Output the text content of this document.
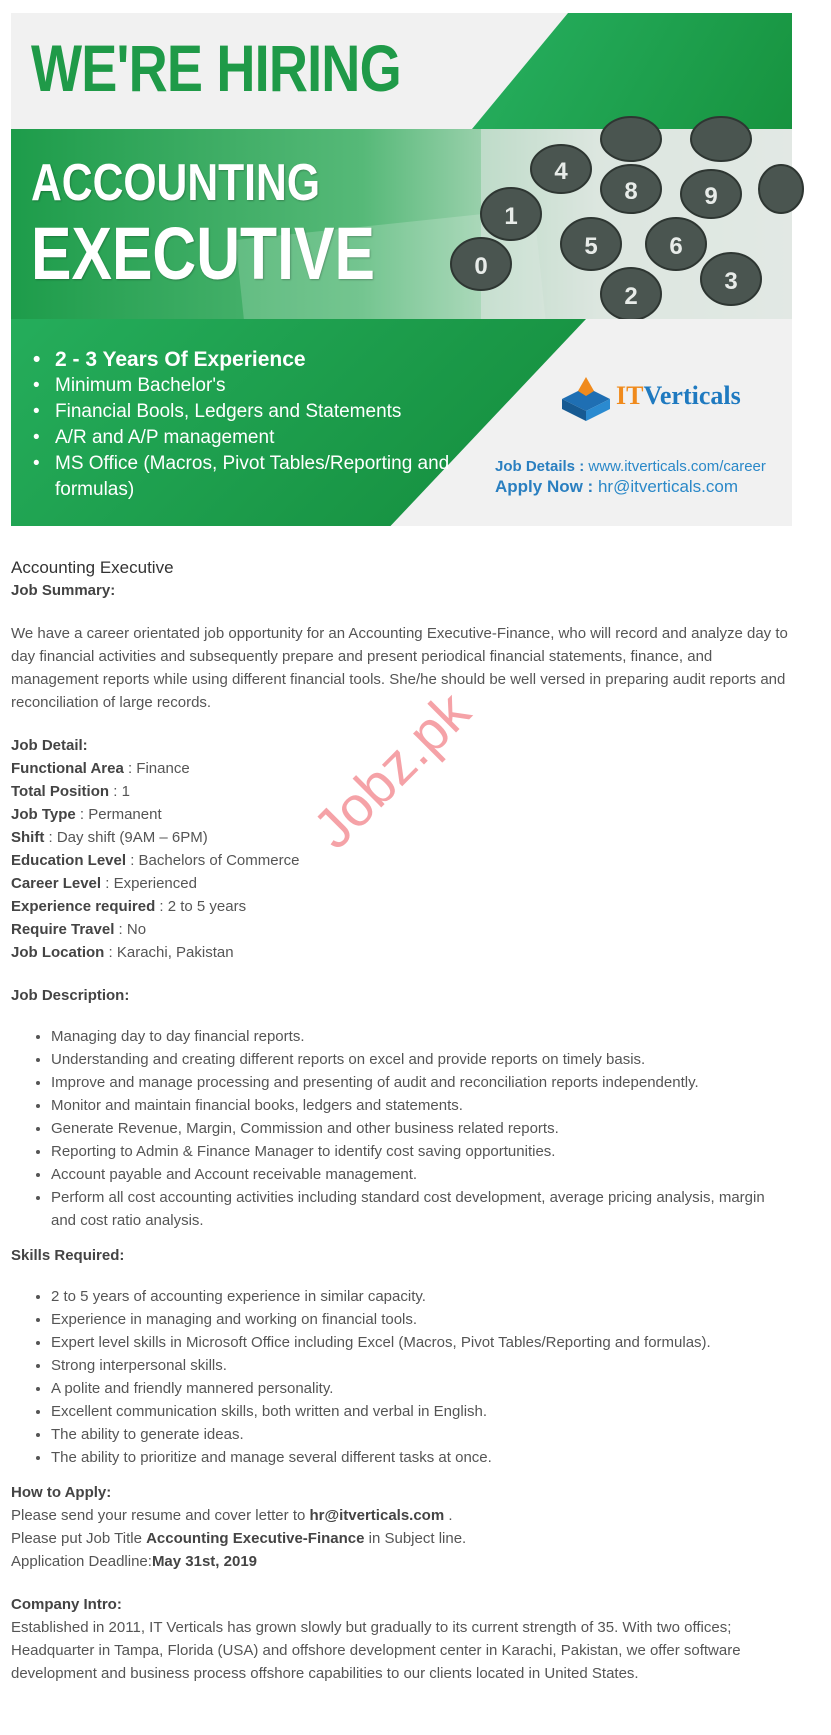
WE'RE HIRING
8
4
9
5
1
6
2
0
3
ACCOUNTING
EXECUTIVE
• 2 - 3 Years Of Experience
• Minimum Bachelor's
• Financial Bools, Ledgers and Statements
• A/R and A/P management
• MS Office (Macros, Pivot Tables/Reporting and formulas)
ITVerticals
Job Details : www.itverticals.com/career
Apply Now : hr@itverticals.com

Accounting Executive

Job Summary:

We have a career orientated job opportunity for an Accounting Executive-Finance, who will record and analyze day to day financial activities and subsequently prepare and present periodical financial statements, finance, and management reports while using different financial tools. She/he should be well versed in preparing audit reports and reconciliation of large records.

Job Detail:

Functional Area : Finance

Total Position : 1

Job Type : Permanent

Shift : Day shift (9AM – 6PM)

Education Level : Bachelors of Commerce

Career Level : Experienced

Experience required : 2 to 5 years

Require Travel : No

Job Location : Karachi, Pakistan

Job Description:

• Managing day to day financial reports.
• Understanding and creating different reports on excel and provide reports on timely basis.
• Improve and manage processing and presenting of audit and reconciliation reports independently.
• Monitor and maintain financial books, ledgers and statements.
• Generate Revenue, Margin, Commission and other business related reports.
• Reporting to Admin & Finance Manager to identify cost saving opportunities.
• Account payable and Account receivable management.
• Perform all cost accounting activities including standard cost development, average pricing analysis, margin and cost ratio analysis.

Skills Required:

• 2 to 5 years of accounting experience in similar capacity.
• Experience in managing and working on financial tools.
• Expert level skills in Microsoft Office including Excel (Macros, Pivot Tables/Reporting and formulas).
• Strong interpersonal skills.
• A polite and friendly mannered personality.
• Excellent communication skills, both written and verbal in English.
• The ability to generate ideas.
• The ability to prioritize and manage several different tasks at once.

How to Apply:

Please send your resume and cover letter to hr@itverticals.com .

Please put Job Title Accounting Executive-Finance in Subject line.

Application Deadline:May 31st, 2019

Company Intro:

Established in 2011, IT Verticals has grown slowly but gradually to its current strength of 35. With two offices; Headquarter in Tampa, Florida (USA) and offshore development center in Karachi, Pakistan, we offer software development and business process offshore capabilities to our clients located in United States.

Jobz.pk
